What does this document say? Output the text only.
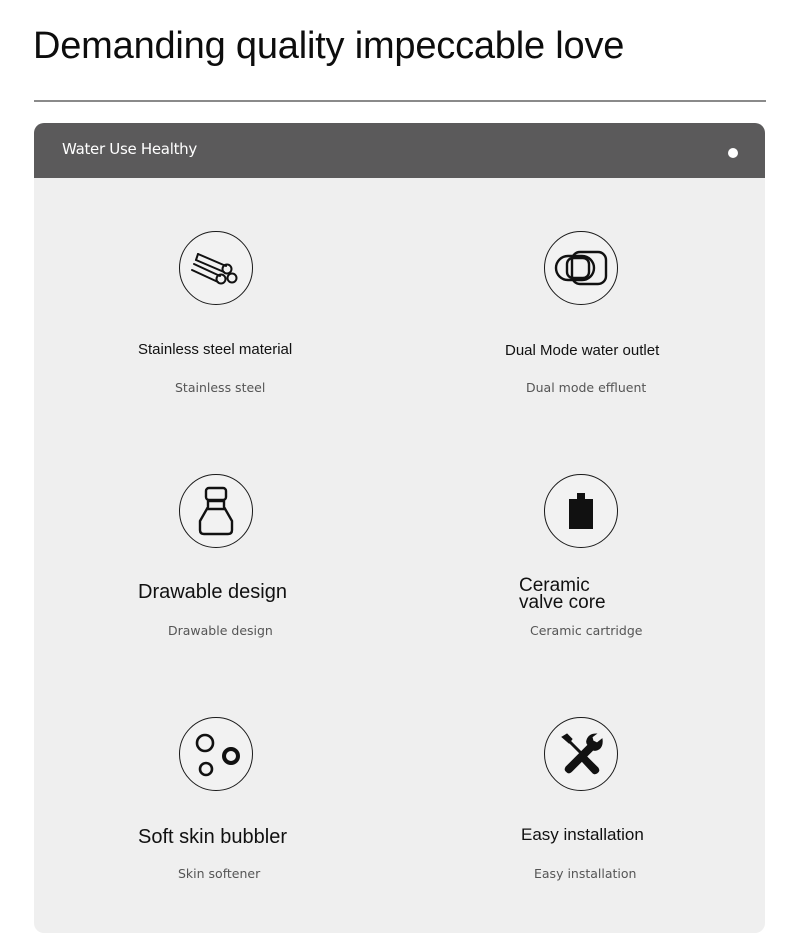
Demanding quality impeccable love
Water Use Healthy
Stainless steel material
Stainless steel
Dual Mode water outlet
Dual mode effluent
Drawable design
Drawable design
Ceramic
valve core
Ceramic cartridge
Soft skin bubbler
Skin softener
Easy installation
Easy installation
